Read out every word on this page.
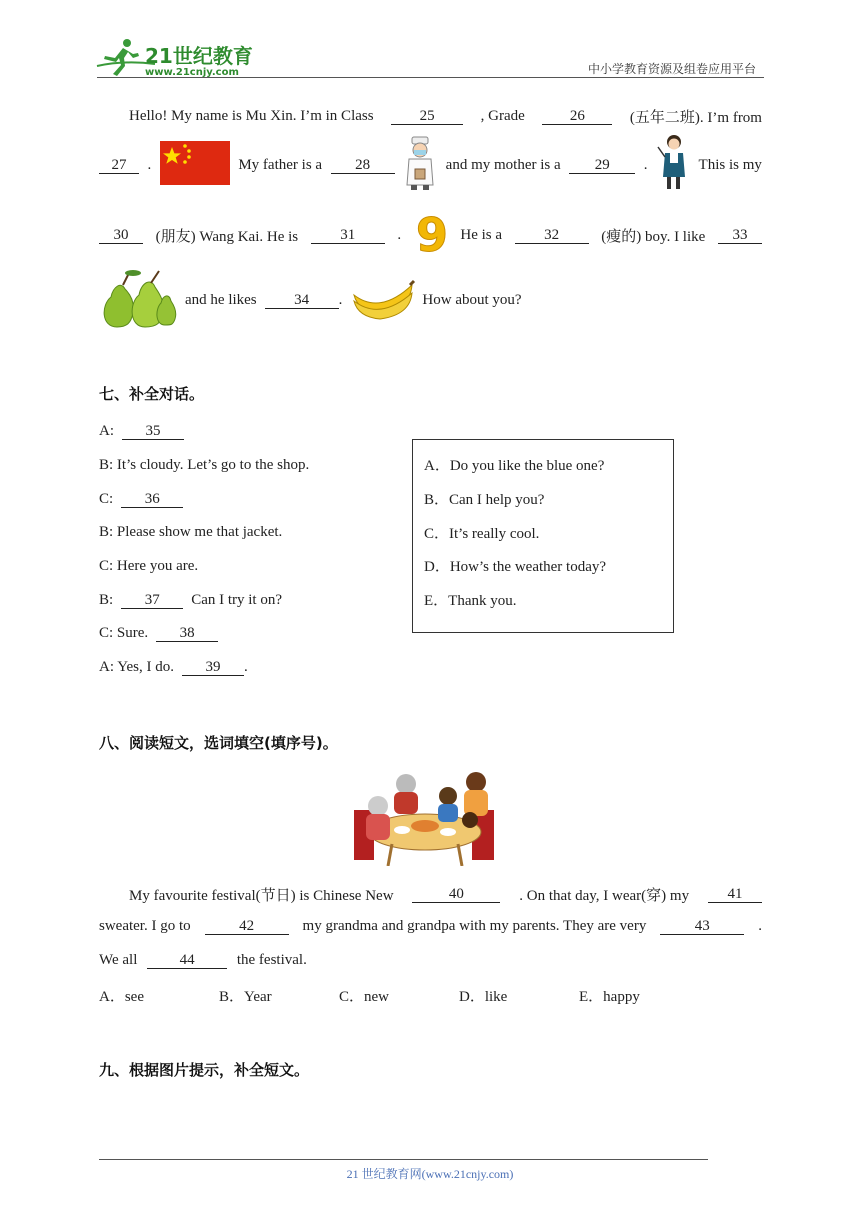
21世纪教育
www.21cnjy.com	中小学教育资源及组卷应用平台
Hello! My name is Mu Xin. I’m in Class	25	, Grade	26	(五年二班). I’m from
27	.	My father is a	28	and my mother is a	29	.	This is my
30	(朋友) Wang Kai. He is	31	. 9 He is a	32	(瘦的) boy. I like	33
and he likes	34	.	How about you?
七、补全对话。
A: 35
B: It’s cloudy. Let’s go to the shop.
C: 36
B: Please show me that jacket.
C: Here you are.
B: 37 Can I try it on?
C: Sure. 38
A: Yes, I do. 39 .
A．Do you like the blue one?
B．Can I help you?
C．It’s really cool.
D．How’s the weather today?
E．Thank you.
八、阅读短文，选词填空(填序号)。
My favourite festival(节日) is Chinese New	40	. On that day, I wear(穿) my	41
sweater. I go to	42	my grandma and grandpa with my parents. They are very	43	.
We all	44	the festival.
A．see	B．Year	C．new	D．like	E．happy
九、根据图片提示，补全短文。
21 世纪教育网(www.21cnjy.com)
